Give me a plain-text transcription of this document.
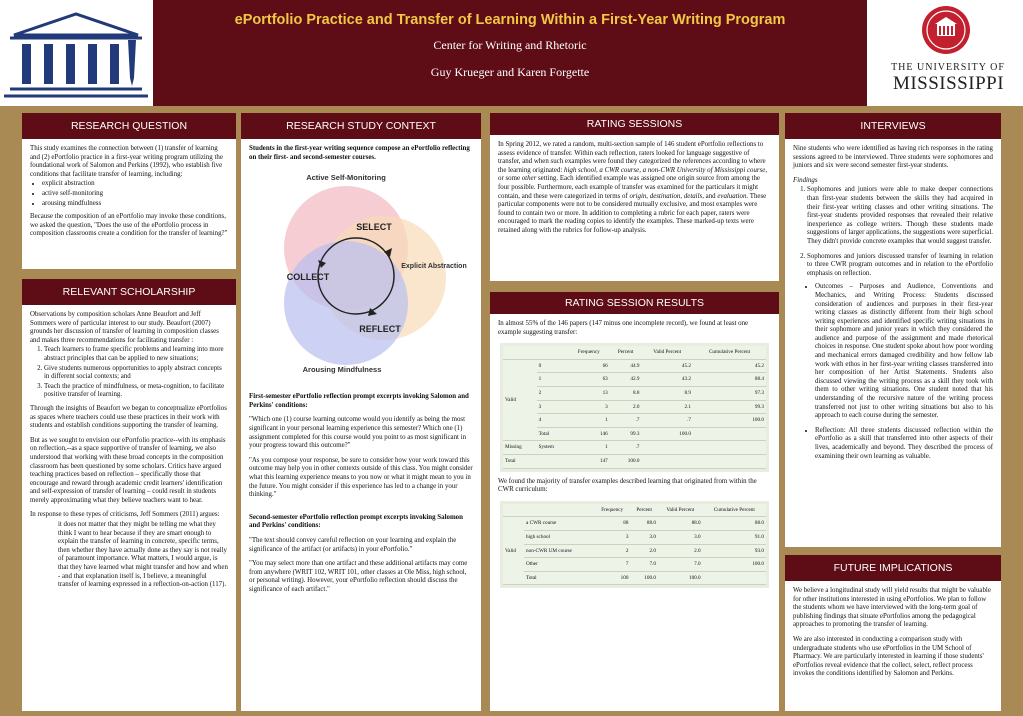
ePortfolio Practice and Transfer of Learning Within a First-Year Writing Program
Center for Writing and Rhetoric
Guy Krueger and Karen Forgette	THE UNIVERSITY OF
MISSISSIPPI
RESEARCH QUESTION

This study examines the connection between (1) transfer of learning and (2) ePortfolio practice in a first-year writing program utilizing the foundational work of Salomon and Perkins (1992), who establish five conditions that facilitate transfer of learning, including:

• explicit abstraction
• active self-monitoring
• arousing mindfulness

Because the composition of an ePortfolio may invoke these conditions, we asked the question, "Does the use of the ePortfolio process in composition classrooms create a condition for the transfer of learning?"

RELEVANT SCHOLARSHIP

Observations by composition scholars Anne Beaufort and Jeff Sommers were of particular interest to our study. Beaufort (2007) grounds her discussion of transfer of learning in composition classes and makes three recommendations for facilitating transfer :

1. Teach learners to frame specific problems and learning into more abstract principles that can be applied to new situations;
2. Give students numerous opportunities to apply abstract concepts in different social contexts; and
3. Teach the practice of mindfulness, or meta-cognition, to facilitate positive transfer of learning.

Through the insights of Beaufort we began to conceptualize ePortfolios as spaces where teachers could use these practices in their work with students and establish conditions supporting the transfer of learning.

But as we sought to envision our ePortfolio practice--with its emphasis on reflection,--as a space supportive of transfer of learning, we also understood that working with these broad concepts in the composition classroom has been questioned by some scholars. Critics have argued teaching practices based on reflection – specifically those that encourage and reward through academic credit learners' identification and self-expression of transfer of learning – could result in students merely approximating what they believe teachers want to hear.

In response to these types of criticisms, Jeff Sommers (2011) argues:

it does not matter that they might be telling me what they think I want to hear because if they are smart enough to explain the transfer of learning in concrete, specific terms, then whether they have actually done as they say is not really of paramount importance. What matters, I would argue, is that they have learned what might transfer and how and when - and that explanation itself is, I believe, a meaningful transfer of learning expressed in a reflection-on-action (117).

RESEARCH STUDY CONTEXT

Students in the first-year writing sequence compose an ePortfolio reflecting on their first- and second-semester courses.

Active Self-Monitoring
Explicit Abstraction
Arousing Mindfulness
SELECT
COLLECT
REFLECT

First-semester ePortfolio reflection prompt excerpts invoking Salomon and Perkins' conditions:

"Which one (1) course learning outcome would you identify as being the most significant in your personal learning experience this semester? Which one (1) assignment completed for this course would you point to as most significant in your progress toward this outcome?"

"As you compose your response, be sure to consider how your work toward this outcome may help you in other contexts outside of this class. You might consider what this learning experience means to you now or what it might mean to you in the future. You might consider if this experience has led to a change in your thinking."

Second-semester ePortfolio reflection prompt excerpts invoking Salomon and Perkins' conditions:

"The text should convey careful reflection on your learning and explain the significance of the artifact (or artifacts) in your ePortfolio."

"You may select more than one artifact and these additional artifacts may come from anywhere (WRIT 102, WRIT 101, other classes at Ole Miss, high school, or personal writing). However, your ePortfolio reflection should discuss the significance of each artifact."

RATING SESSIONS

In Spring 2012, we rated a random, multi-section sample of 146 student ePortfolio reflections to assess evidence of transfer. Within each reflection, raters looked for language suggestive of transfer, and when such examples were found they categorized the references according to where the learning originated: high school, a CWR course, a non-CWR University of Mississippi course, or some other setting. Each identified example was assigned one origin source from among the four possible. Furthermore, each example of transfer was examined for the particulars it might contain, and these were categorized in terms of origin, destination, details, and evaluation. These particular components were not to be considered mutually exclusive, and most examples were found to contain two or more. In addition to completing a rubric for each paper, raters were encouraged to mark the reading copies to identify the examples. These marked-up texts were retained along with the rubrics for follow-up analysis.

RATING SESSION RESULTS

In almost 55% of the 146 papers (147 minus one incomplete record), we found at least one example suggesting transfer:

		Frequency	Percent	Valid Percent	Cumulative Percent
Valid	0	66	44.9	45.2	45.2
	1	63	42.9	43.2	88.4
	2	13	8.8	8.9	97.3
	3	3	2.0	2.1	99.3
	4	1	.7	.7	100.0
	Total	146	99.3	100.0	
Missing	System	1	.7		
Total		147	100.0		

We found the majority of transfer examples described learning that originated from within the CWR curriculum:

		Frequency	Percent	Valid Percent	Cumulative Percent
Valid	a CWR course	88	88.0	88.0	88.0
	high school	3	3.0	3.0	91.0
	non-CWR UM course	2	2.0	2.0	93.0
	Other	7	7.0	7.0	100.0
	Total	100	100.0	100.0	
INTERVIEWS

Nine students who were identified as having rich responses in the rating sessions agreed to be interviewed. Three students were sophomores and juniors and six were second semester first-year students.

Findings

1. Sophomores and juniors were able to make deeper connections than first-year students between the skills they had acquired in their first-year writing classes and other writing situations. The first-year students provided responses that revealed their relative inexperience as college writers. Though these students made suggestions of larger applications, the suggestions were superficial. They didn't provide concrete examples that would suggest transfer.
2. Sophomores and juniors discussed transfer of learning in relation to three CWR program outcomes and in relation to the ePortfolio emphasis on reflection.
• Outcomes – Purposes and Audience, Conventions and Mechanics, and Writing Process: Students discussed consideration of audiences and purposes in their first-year writing classes as distinctly different from their high school writing experiences and identified specific writing situations in their sophomore and junior years in which they considered the audience and purpose of the assignment and made rhetorical choices in response. One student spoke about how poor wording and mechanical errors damaged credibility and how fellow lab work with ethos in her first-year writing classes transferred into her composition of her Artist Statements. Students also discussed viewing the writing process as a skill they took with them to other writing situations. One student noted that his understanding of the recursive nature of the writing process transferred not just to other writing situations but also to his approach to each course during the semester.
• Reflection: All three students discussed reflection within the ePortfolio as a skill that transferred into other aspects of their lives, academically and beyond. They described the process of examining their own learning as valuable.
FUTURE IMPLICATIONS

We believe a longitudinal study will yield results that might be valuable for other institutions interested in using ePortfolios. We plan to follow the students whom we have interviewed with the long-term goal of publishing findings that situate ePortfolios among the pedagogical approaches to promoting the transfer of learning.

We are also interested in conducting a comparison study with undergraduate students who use ePortfolios in the UM School of Pharmacy. We are particularly interested in learning if those students' ePortfolios reveal evidence that the collect, select, reflect process invokes the conditions identified by Salomon and Perkins.
